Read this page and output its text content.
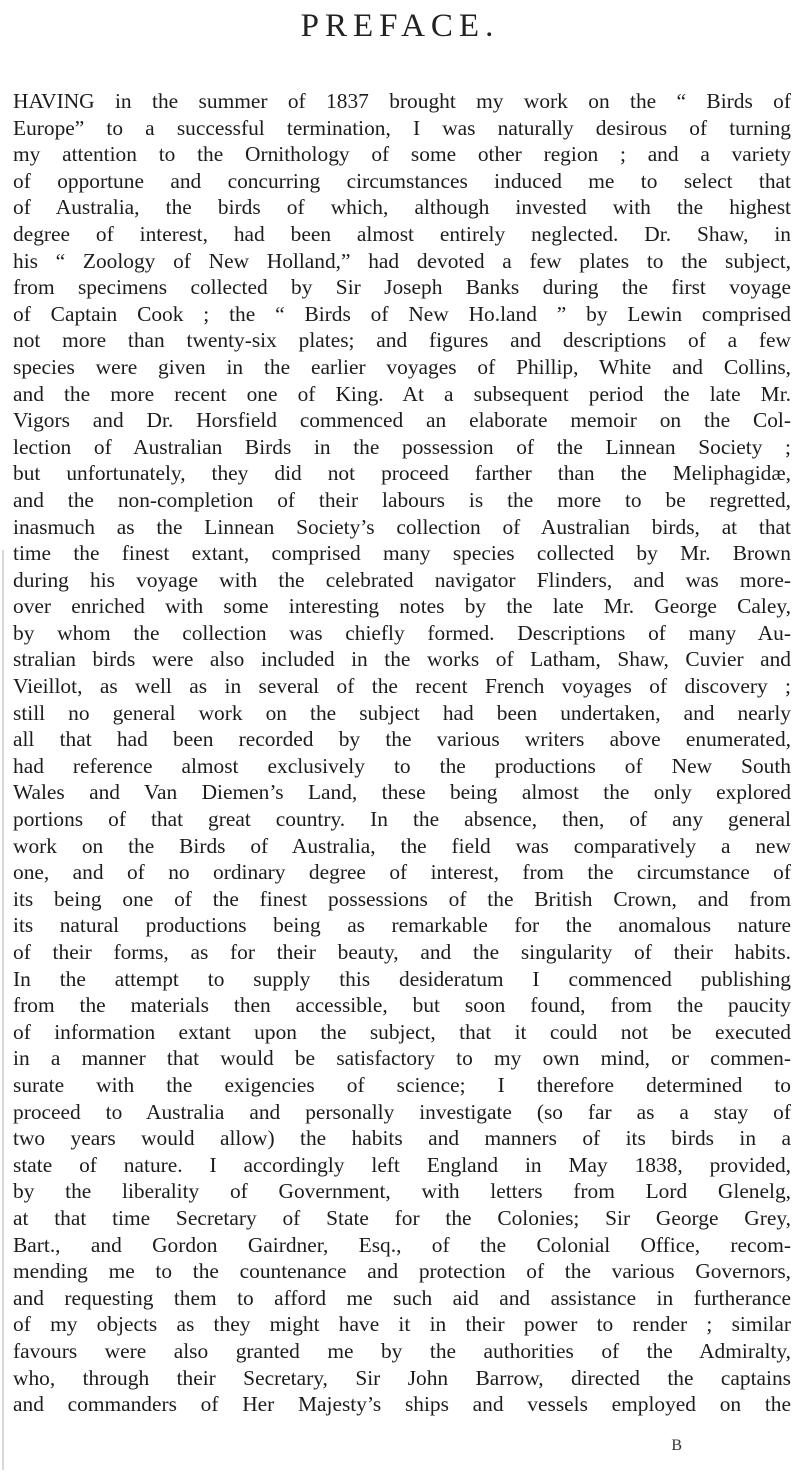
PREFACE.
HAVING in the summer of 1837 brought my work on the “ Birds of
Europe” to a successful termination, I was naturally desirous of turning
my attention to the Ornithology of some other region ; and a variety
of opportune and concurring circumstances induced me to select that
of Australia, the birds of which, although invested with the highest
degree of interest, had been almost entirely neglected. Dr. Shaw, in
his “ Zoology of New Holland,” had devoted a few plates to the subject,
from specimens collected by Sir Joseph Banks during the first voyage
of Captain Cook ; the “ Birds of New Ho.land ” by Lewin comprised
not more than twenty-six plates; and figures and descriptions of a few
species were given in the earlier voyages of Phillip, White and Collins,
and the more recent one of King. At a subsequent period the late Mr.
Vigors and Dr. Horsfield commenced an elaborate memoir on the Col-
lection of Australian Birds in the possession of the Linnean Society ;
but unfortunately, they did not proceed farther than the Meliphagidæ,
and the non-completion of their labours is the more to be regretted,
inasmuch as the Linnean Society’s collection of Australian birds, at that
time the finest extant, comprised many species collected by Mr. Brown
during his voyage with the celebrated navigator Flinders, and was more-
over enriched with some interesting notes by the late Mr. George Caley,
by whom the collection was chiefly formed. Descriptions of many Au-
stralian birds were also included in the works of Latham, Shaw, Cuvier and
Vieillot, as well as in several of the recent French voyages of discovery ;
still no general work on the subject had been undertaken, and nearly
all that had been recorded by the various writers above enumerated,
had reference almost exclusively to the productions of New South
Wales and Van Diemen’s Land, these being almost the only explored
portions of that great country. In the absence, then, of any general
work on the Birds of Australia, the field was comparatively a new
one, and of no ordinary degree of interest, from the circumstance of
its being one of the finest possessions of the British Crown, and from
its natural productions being as remarkable for the anomalous nature
of their forms, as for their beauty, and the singularity of their habits.
In the attempt to supply this desideratum I commenced publishing
from the materials then accessible, but soon found, from the paucity
of information extant upon the subject, that it could not be executed
in a manner that would be satisfactory to my own mind, or commen-
surate with the exigencies of science; I therefore determined to
proceed to Australia and personally investigate (so far as a stay of
two years would allow) the habits and manners of its birds in a
state of nature. I accordingly left England in May 1838, provided,
by the liberality of Government, with letters from Lord Glenelg,
at that time Secretary of State for the Colonies; Sir George Grey,
Bart., and Gordon Gairdner, Esq., of the Colonial Office, recom-
mending me to the countenance and protection of the various Governors,
and requesting them to afford me such aid and assistance in furtherance
of my objects as they might have it in their power to render ; similar
favours were also granted me by the authorities of the Admiralty,
who, through their Secretary, Sir John Barrow, directed the captains
and commanders of Her Majesty’s ships and vessels employed on the
B
